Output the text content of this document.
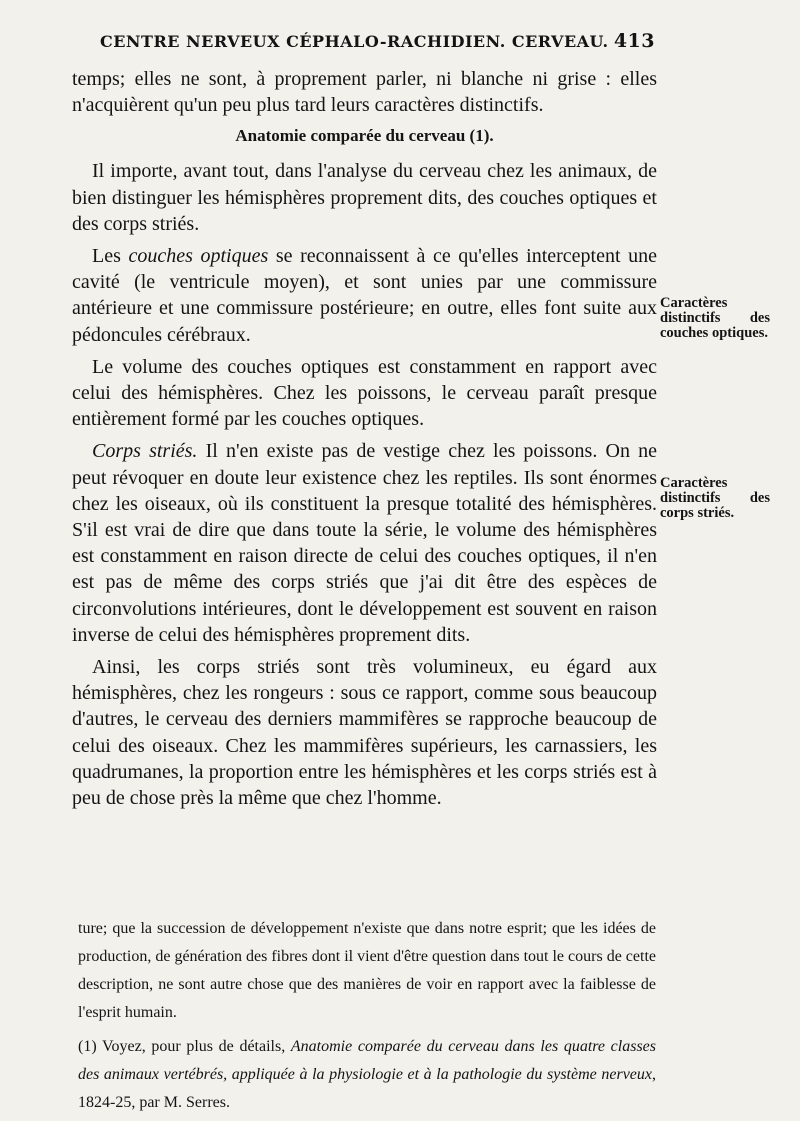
CENTRE NERVEUX CÉPHALO-RACHIDIEN. CERVEAU. 413

temps; elles ne sont, à proprement parler, ni blanche ni grise : elles n'acquièrent qu'un peu plus tard leurs caractères distinctifs.

Anatomie comparée du cerveau (1).

Il importe, avant tout, dans l'analyse du cerveau chez les animaux, de bien distinguer les hémisphères proprement dits, des couches optiques et des corps striés.

Les couches optiques se reconnaissent à ce qu'elles interceptent une cavité (le ventricule moyen), et sont unies par une commissure antérieure et une commissure postérieure; en outre, elles font suite aux pédoncules cérébraux.

Le volume des couches optiques est constamment en rapport avec celui des hémisphères. Chez les poissons, le cerveau paraît presque entièrement formé par les couches optiques.

Corps striés. Il n'en existe pas de vestige chez les poissons. On ne peut révoquer en doute leur existence chez les reptiles. Ils sont énormes chez les oiseaux, où ils constituent la presque totalité des hémisphères. S'il est vrai de dire que dans toute la série, le volume des hémisphères est constamment en raison directe de celui des couches optiques, il n'en est pas de même des corps striés que j'ai dit être des espèces de circonvolutions intérieures, dont le développement est souvent en raison inverse de celui des hémisphères proprement dits.

Ainsi, les corps striés sont très volumineux, eu égard aux hémisphères, chez les rongeurs : sous ce rapport, comme sous beaucoup d'autres, le cerveau des derniers mammifères se rapproche beaucoup de celui des oiseaux. Chez les mammifères supérieurs, les carnassiers, les quadrumanes, la proportion entre les hémisphères et les corps striés est à peu de chose près la même que chez l'homme.

Caractères distinctifs des couches optiques.
Caractères distinctifs des corps striés.

ture; que la succession de développement n'existe que dans notre esprit; que les idées de production, de génération des fibres dont il vient d'être question dans tout le cours de cette description, ne sont autre chose que des manières de voir en rapport avec la faiblesse de l'esprit humain.

(1) Voyez, pour plus de détails, Anatomie comparée du cerveau dans les quatre classes des animaux vertébrés, appliquée à la physiologie et à la pathologie du système nerveux, 1824-25, par M. Serres.
